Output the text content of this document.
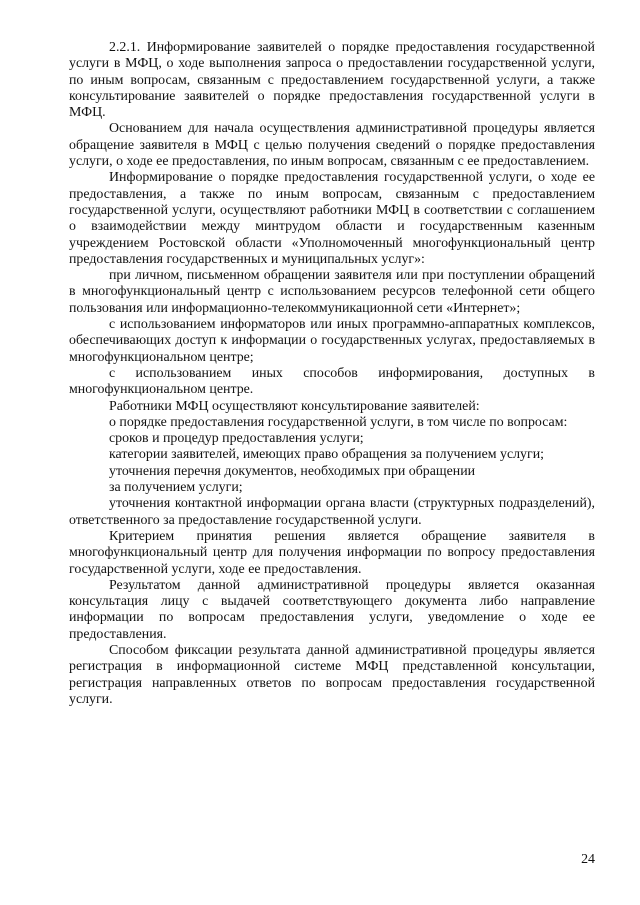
2.2.1. Информирование заявителей о порядке предоставления государственной услуги в МФЦ, о ходе выполнения запроса о предоставлении государственной услуги, по иным вопросам, связанным с предоставлением государственной услуги, а также консультирование заявителей о порядке предоставления государственной услуги в МФЦ.

Основанием для начала осуществления административной процедуры является обращение заявителя в МФЦ с целью получения сведений о порядке предоставления услуги, о ходе ее предоставления, по иным вопросам, связанным с ее предоставлением.

Информирование о порядке предоставления государственной услуги, о ходе ее предоставления, а также по иным вопросам, связанным с предоставлением государственной услуги, осуществляют работники МФЦ в соответствии с соглашением о взаимодействии между минтрудом области и государственным казенным учреждением Ростовской области «Уполномоченный многофункциональный центр предоставления государственных и муниципальных услуг»:

при личном, письменном обращении заявителя или при поступлении обращений в многофункциональный центр с использованием ресурсов телефонной сети общего пользования или информационно-телекоммуникационной сети «Интернет»;

с использованием информаторов или иных программно-аппаратных комплексов, обеспечивающих доступ к информации о государственных услугах, предоставляемых в многофункциональном центре;

с использованием иных способов информирования, доступных в многофункциональном центре.

Работники МФЦ осуществляют консультирование заявителей:

о порядке предоставления государственной услуги, в том числе по вопросам:

сроков и процедур предоставления услуги;

категории заявителей, имеющих право обращения за получением услуги;

уточнения перечня документов, необходимых при обращении

за получением услуги;

уточнения контактной информации органа власти (структурных подразделений), ответственного за предоставление государственной услуги.

Критерием принятия решения является обращение заявителя в многофункциональный центр для получения информации по вопросу предоставления государственной услуги, ходе ее предоставления.

Результатом данной административной процедуры является оказанная консультация лицу с выдачей соответствующего документа либо направление информации по вопросам предоставления услуги, уведомление о ходе ее предоставления.

Способом фиксации результата данной административной процедуры является регистрация в информационной системе МФЦ представленной консультации, регистрация направленных ответов по вопросам предоставления государственной услуги.

24
